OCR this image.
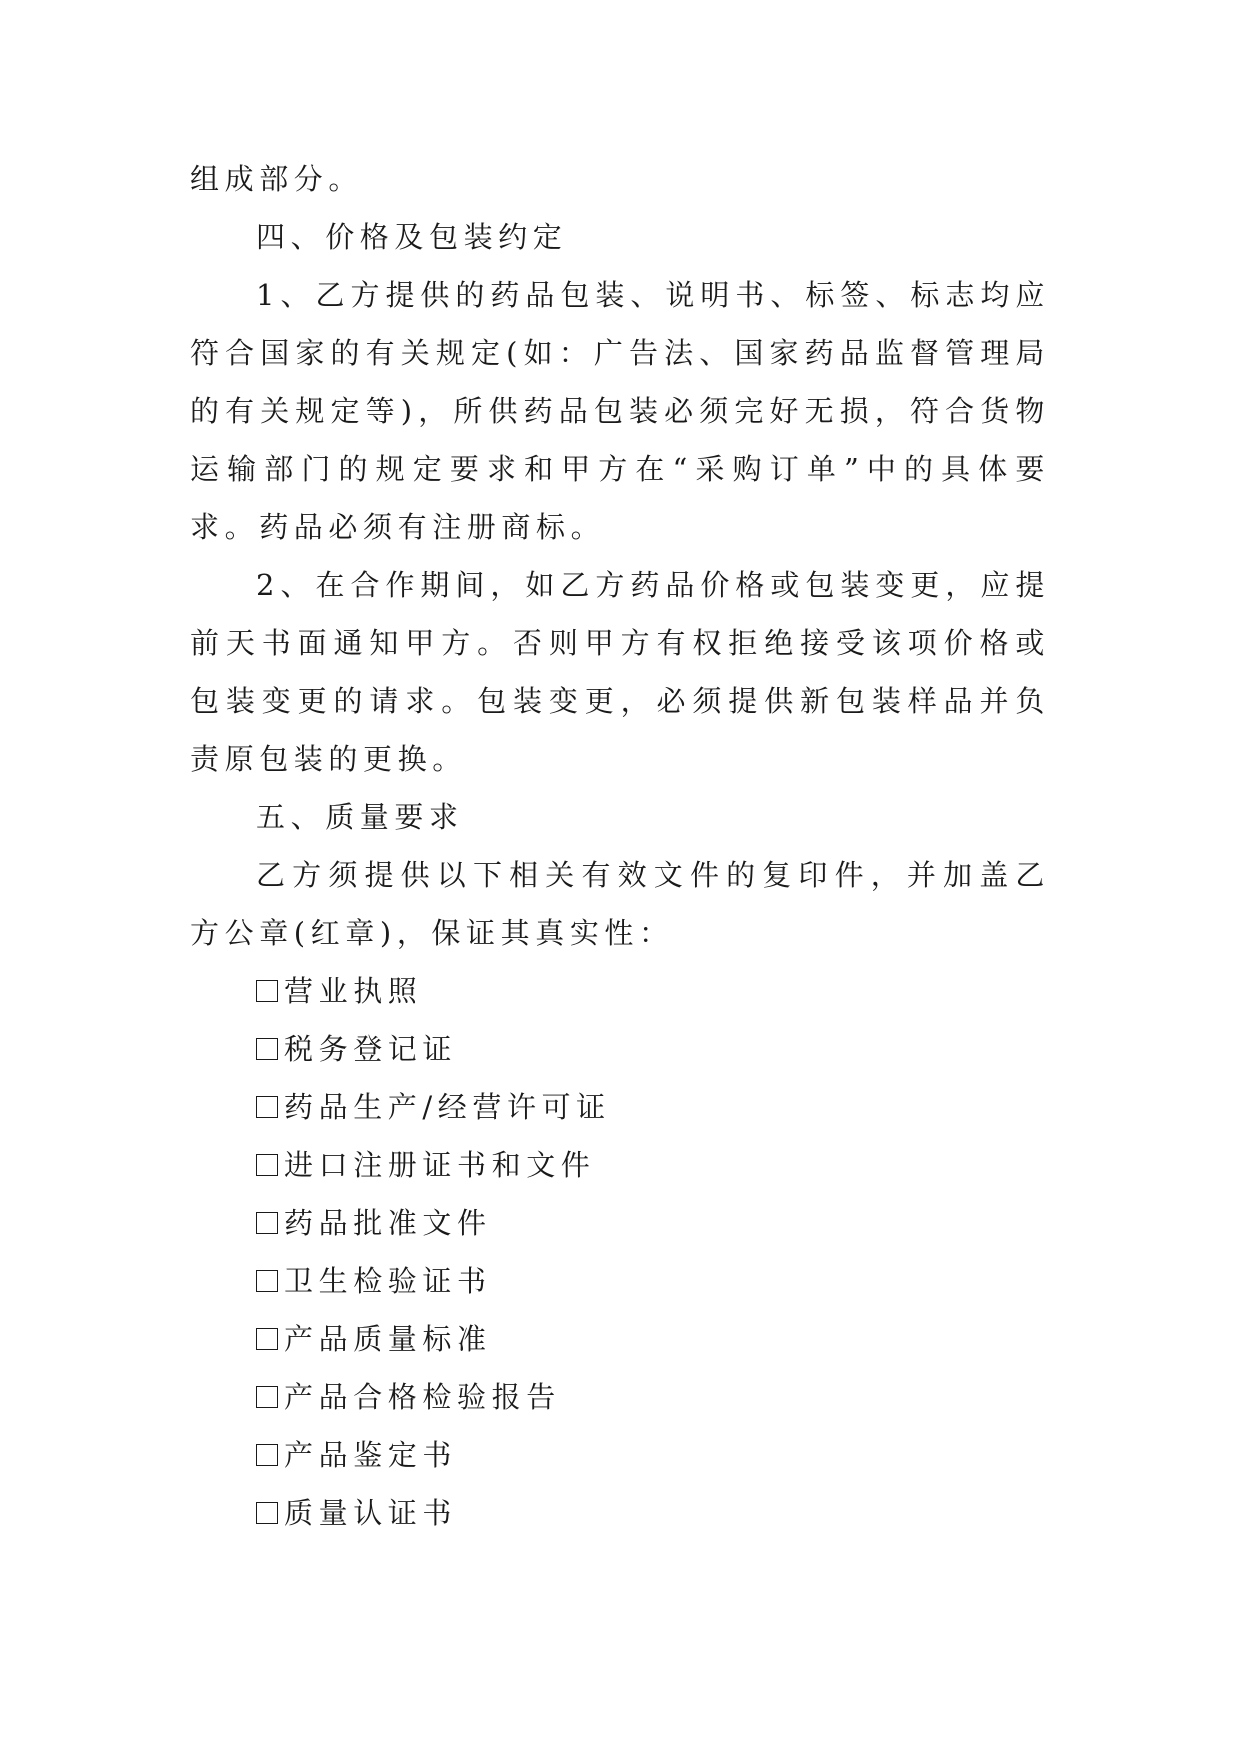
组成部分。

四、价格及包装约定

1、乙方提供的药品包装、说明书、标签、标志均应符合国家的有关规定(如：广告法、国家药品监督管理局的有关规定等)，所供药品包装必须完好无损，符合货物运输部门的规定要求和甲方在“采购订单”中的具体要求。药品必须有注册商标。

2、在合作期间，如乙方药品价格或包装变更，应提前天书面通知甲方。否则甲方有权拒绝接受该项价格或包装变更的请求。包装变更，必须提供新包装样品并负责原包装的更换。

五、质量要求

乙方须提供以下相关有效文件的复印件，并加盖乙方公章(红章)，保证其真实性：

营业执照
税务登记证
药品生产/经营许可证
进口注册证书和文件
药品批准文件
卫生检验证书
产品质量标准
产品合格检验报告
产品鉴定书
质量认证书
